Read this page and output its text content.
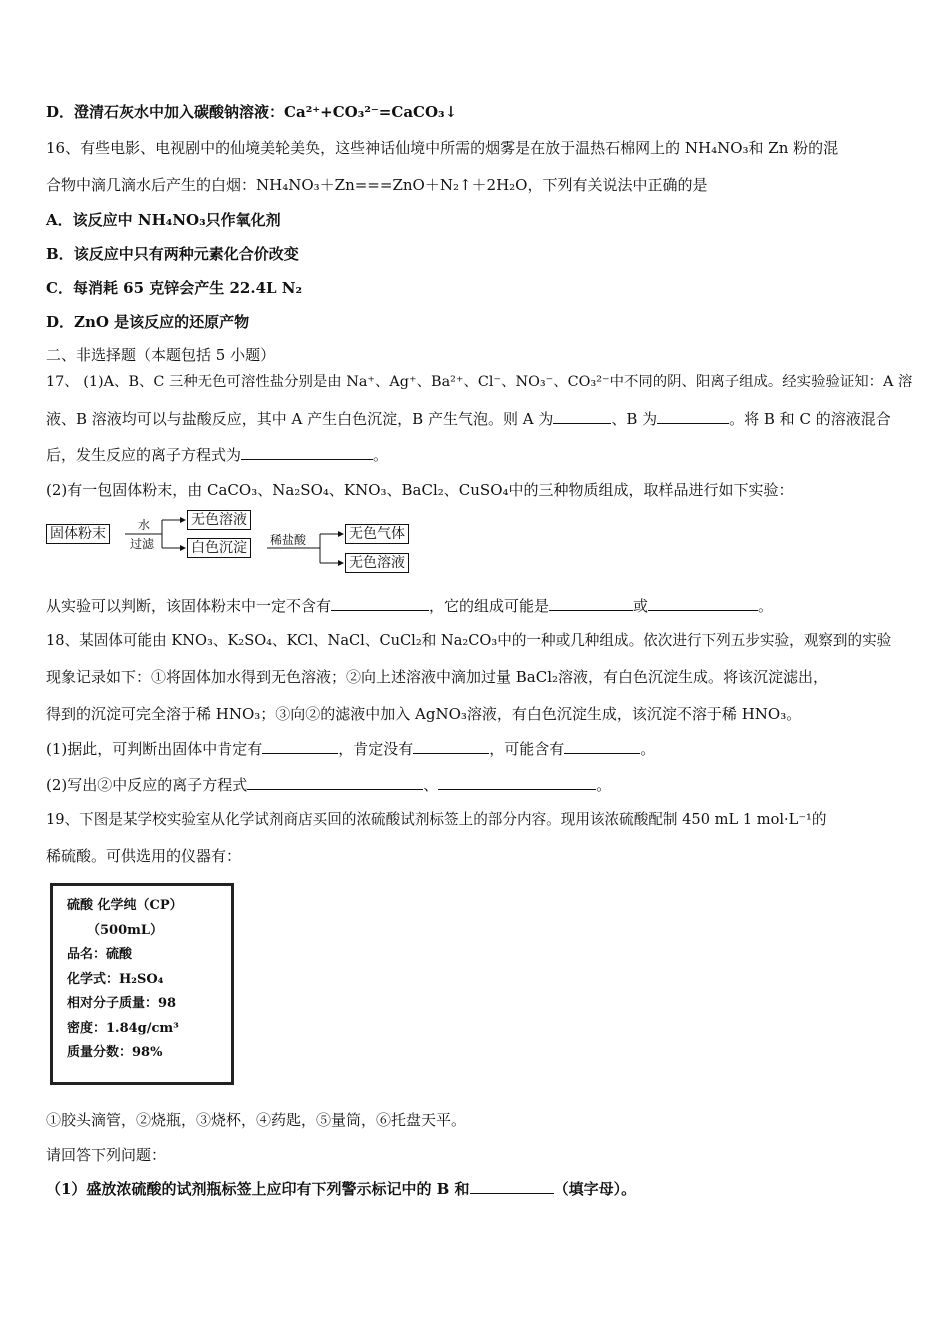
D．澄清石灰水中加入碳酸钠溶液：Ca²⁺+CO₃²⁻=CaCO₃↓
16、有些电影、电视剧中的仙境美轮美奂，这些神话仙境中所需的烟雾是在放于温热石棉网上的 NH₄NO₃和 Zn 粉的混
合物中滴几滴水后产生的白烟：NH₄NO₃＋Zn===ZnO＋N₂↑＋2H₂O，下列有关说法中正确的是
A．该反应中 NH₄NO₃只作氧化剂
B．该反应中只有两种元素化合价改变
C．每消耗 65 克锌会产生 22.4L N₂
D．ZnO 是该反应的还原产物
二、非选择题（本题包括 5 小题）
17、 (1)A、B、C 三种无色可溶性盐分别是由 Na⁺、Ag⁺、Ba²⁺、Cl⁻、NO₃⁻、CO₃²⁻中不同的阴、阳离子组成。经实验验证知：A 溶
液、B 溶液均可以与盐酸反应，其中 A 产生白色沉淀，B 产生气泡。则 A 为	、B 为	。将 B 和 C 的溶液混合
后，发生反应的离子方程式为	。
(2)有一包固体粉末，由 CaCO₃、Na₂SO₄、KNO₃、BaCl₂、CuSO₄中的三种物质组成，取样品进行如下实验：
固体粉末
水
过滤
无色溶液
白色沉淀	稀盐酸	无色气体
无色溶液
从实验可以判断，该固体粉末中一定不含有	，它的组成可能是	或	。
18、某固体可能由 KNO₃、K₂SO₄、KCl、NaCl、CuCl₂和 Na₂CO₃中的一种或几种组成。依次进行下列五步实验，观察到的实验
现象记录如下：①将固体加水得到无色溶液；②向上述溶液中滴加过量 BaCl₂溶液，有白色沉淀生成。将该沉淀滤出，
得到的沉淀可完全溶于稀 HNO₃；③向②的滤液中加入 AgNO₃溶液，有白色沉淀生成，该沉淀不溶于稀 HNO₃。
(1)据此，可判断出固体中肯定有	，肯定没有	，可能含有	。
(2)写出②中反应的离子方程式	、	。
19、下图是某学校实验室从化学试剂商店买回的浓硫酸试剂标签上的部分内容。现用该浓硫酸配制 450 mL 1 mol·L⁻¹的
稀硫酸。可供选用的仪器有：
硫酸 化学纯（CP）
（500mL）
品名：硫酸
化学式：H₂SO₄
相对分子质量：98
密度：1.84g/cm³
质量分数：98%
①胶头滴管，②烧瓶，③烧杯，④药匙，⑤量筒，⑥托盘天平。
请回答下列问题：
（1）盛放浓硫酸的试剂瓶标签上应印有下列警示标记中的 B 和	（填字母）。
